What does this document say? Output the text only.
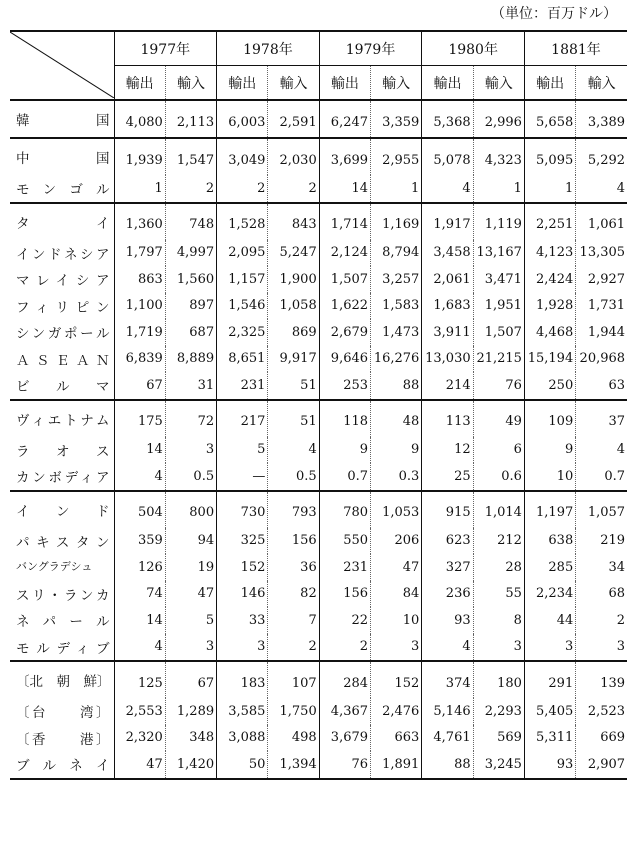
（単位：百万ドル）
	1977年		1978年		1979年		1980年		1881年	
	輸出	輸入	輸出	輸入	輸出	輸入	輸出	輸入	輸出	輸入
韓　　　国	4,080	2,113	6,003	2,591	6,247	3,359	5,368	2,996	5,658	3,389
中　　　国	1,939	1,547	3,049	2,030	3,699	2,955	5,078	4,323	5,095	5,292
モンゴル	1	2	2	2	14	1	4	1	1	4
タ　　イ	1,360	748	1,528	843	1,714	1,169	1,917	1,119	2,251	1,061
インドネシア	1,797	4,997	2,095	5,247	2,124	8,794	3,458	13,167	4,123	13,305
マレイシア	863	1,560	1,157	1,900	1,507	3,257	2,061	3,471	2,424	2,927
フィリピン	1,100	897	1,546	1,058	1,622	1,583	1,683	1,951	1,928	1,731
シンガポール	1,719	687	2,325	869	2,679	1,473	3,911	1,507	4,468	1,944
ＡＳＥＡＮ	6,839	8,889	8,651	9,917	9,646	16,276	13,030	21,215	15,194	20,968
ビ　ル　マ	67	31	231	51	253	88	214	76	250	63
ヴィエトナム	175	72	217	51	118	48	113	49	109	37
ラ　オ　ス	14	3	5	4	9	9	12	6	9	4
カンボディア	4	0.5	—	0.5	0.7	0.3	25	0.6	10	0.7
イ　ン　ド	504	800	730	793	780	1,053	915	1,014	1,197	1,057
パキスタン	359	94	325	156	550	206	623	212	638	219
バングラデシュ	126	19	152	36	231	47	327	28	285	34
スリ・ランカ	74	47	146	82	156	84	236	55	2,234	68
ネ パ ー ル	14	5	33	7	22	10	93	8	44	2
モルディブ	4	3	3	2	2	3	4	3	3	3
〔北　朝　鮮〕	125	67	183	107	284	152	374	180	291	139
〔台　　湾〕	2,553	1,289	3,585	1,750	4,367	2,476	5,146	2,293	5,405	2,523
〔香　　港〕	2,320	348	3,088	498	3,679	663	4,761	569	5,311	669
ブルネイ	47	1,420	50	1,394	76	1,891	88	3,245	93	2,907
